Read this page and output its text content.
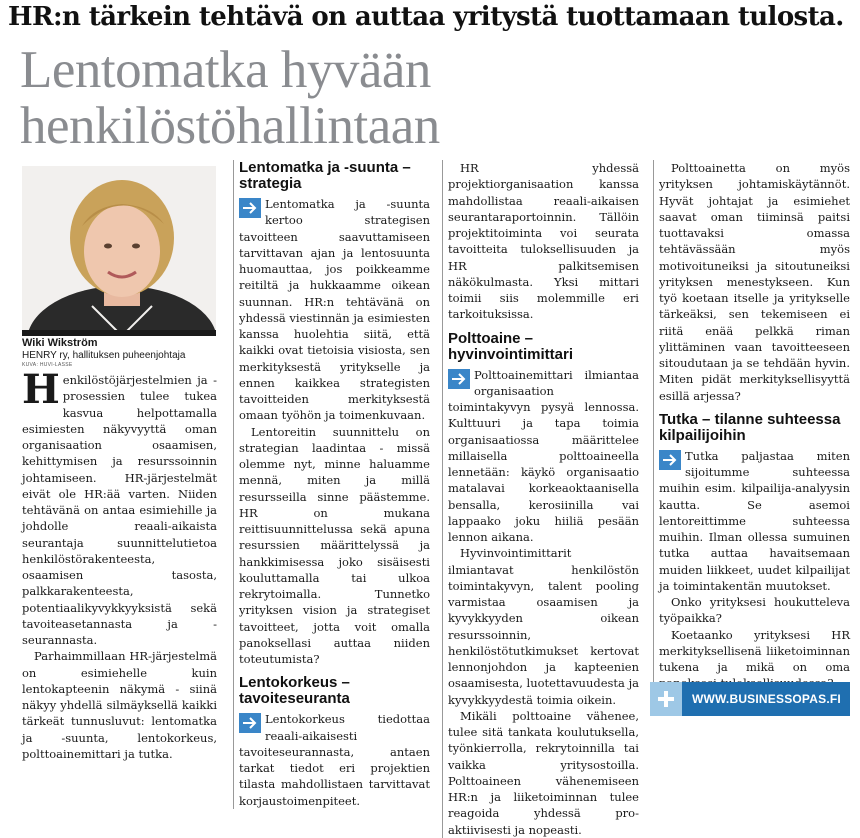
HR:n tärkein tehtävä on auttaa yritystä tuottamaan tulosta.
Lentomatka hyvään
henkilöstöhallintaan
Wiki Wikström
HENRY ry, hallituksen puheenjohtaja
KUVA: HUVI-LASSE

Henkilöstöjärjestelmien ja -prosessien tulee tukea kasvua helpottamalla esimiesten näkyvyyttä oman organisaation osaamisen, kehittymisen ja resurssoinnin johtamiseen. HR-järjestelmät eivät ole HR:ää varten. Niiden tehtävänä on antaa esimiehille ja johdolle reaali-aikaista seurantaja suunnittelutietoa henkilöstörakenteesta, osaamisen tasosta, palkkarakenteesta, potentiaalikyvykkyyksistä sekä tavoiteasetannasta ja -seurannasta.

Parhaimmillaan HR-järjestelmä on esimiehelle kuin lentokapteenin näkymä - siinä näkyy yhdellä silmäyksellä kaikki tärkeät tunnusluvut: lentomatka ja -suunta, lentokorkeus, polttoainemittari ja tutka.

Lentomatka ja -suunta – strategia

Lentomatka ja -suunta kertoo strategisen tavoitteen saavuttamiseen tarvittavan ajan ja lentosuunta huomauttaa, jos poikkeamme reitiltä ja hukkaamme oikean suunnan. HR:n tehtävänä on yhdessä viestinnän ja esimiesten kanssa huolehtia siitä, että kaikki ovat tietoisia visiosta, sen merkityksestä yritykselle ja ennen kaikkea strategisten tavoitteiden merkityksestä omaan työhön ja toimenkuvaan.

Lentoreitin suunnittelu on strategian laadintaa - missä olemme nyt, minne haluamme mennä, miten ja millä resursseilla sinne päästemme. HR on mukana reittisuunnittelussa sekä apuna resurssien määrittelyssä ja hankkimisessa joko sisäisesti kouluttamalla tai ulkoa rekrytoimalla. Tunnetko yrityksen vision ja strategiset tavoitteet, jotta voit omalla panoksellasi auttaa niiden toteutumista?

Lentokorkeus – tavoiteseuranta

Lentokorkeus tiedottaa reaali-aikaisesti tavoiteseurannasta, antaen tarkat tiedot eri projektien tilasta mahdollistaen tarvittavat korjaustoimenpiteet.

HR yhdessä projektiorganisaation kanssa mahdollistaa reaali-aikaisen seurantaraportoinnin. Tällöin projektitoiminta voi seurata tavoitteita tuloksellisuuden ja HR palkitsemisen näkökulmasta. Yksi mittari toimii siis molemmille eri tarkoituksissa.

Polttoaine – hyvinvointimittari

Polttoainemittari ilmiantaa organisaation toimintakyvyn pysyä lennossa. Kulttuuri ja tapa toimia organisaatiossa määrittelee millaisella polttoaineella lennetään: käykö organisaatio matalavai korkeaoktaanisella bensalla, kerosiinilla vai lappaako joku hiiliä pesään lennon aikana.

Hyvinvointimittarit ilmiantavat henkilöstön toimintakyvyn, talent pooling varmistaa osaamisen ja kyvykkyyden oikean resurssoinnin, henkilöstötutkimukset kertovat lennonjohdon ja kapteenien osaamisesta, luotettavuudesta ja kyvykkyydestä toimia oikein.

Mikäli polttoaine vähenee, tulee sitä tankata koulutuksella, työnkierrolla, rekrytoinnilla tai vaikka yritysostoilla. Polttoaineen vähenemiseen HR:n ja liiketoiminnan tulee reagoida yhdessä pro-aktiivisesti ja nopeasti.

Polttoainetta on myös yrityksen johtamiskäytännöt. Hyvät johtajat ja esimiehet saavat oman tiiminsä paitsi tuottavaksi omassa tehtävässään myös motivoituneiksi ja sitoutuneiksi yrityksen menestykseen. Kun työ koetaan itselle ja yritykselle tärkeäksi, sen tekemiseen ei riitä enää pelkkä riman ylittäminen vaan tavoitteeseen sitoudutaan ja se tehdään hyvin. Miten pidät merkityksellisyyttä esillä arjessa?

Tutka – tilanne suhteessa kilpailijoihin

Tutka paljastaa miten sijoitumme suhteessa muihin esim. kilpailija-analyysin kautta. Se asemoi lentoreittimme suhteessa muihin. Ilman ollessa sumuinen tutka auttaa havaitsemaan muiden liikkeet, uudet kilpailijat ja toimintakentän muutokset.

Onko yrityksesi houkutteleva työpaikka?

Koetaanko yrityksesi HR merkityksellisenä liiketoiminnan tukena ja mikä on oma

WWW.BUSINESSOPAS.FI
